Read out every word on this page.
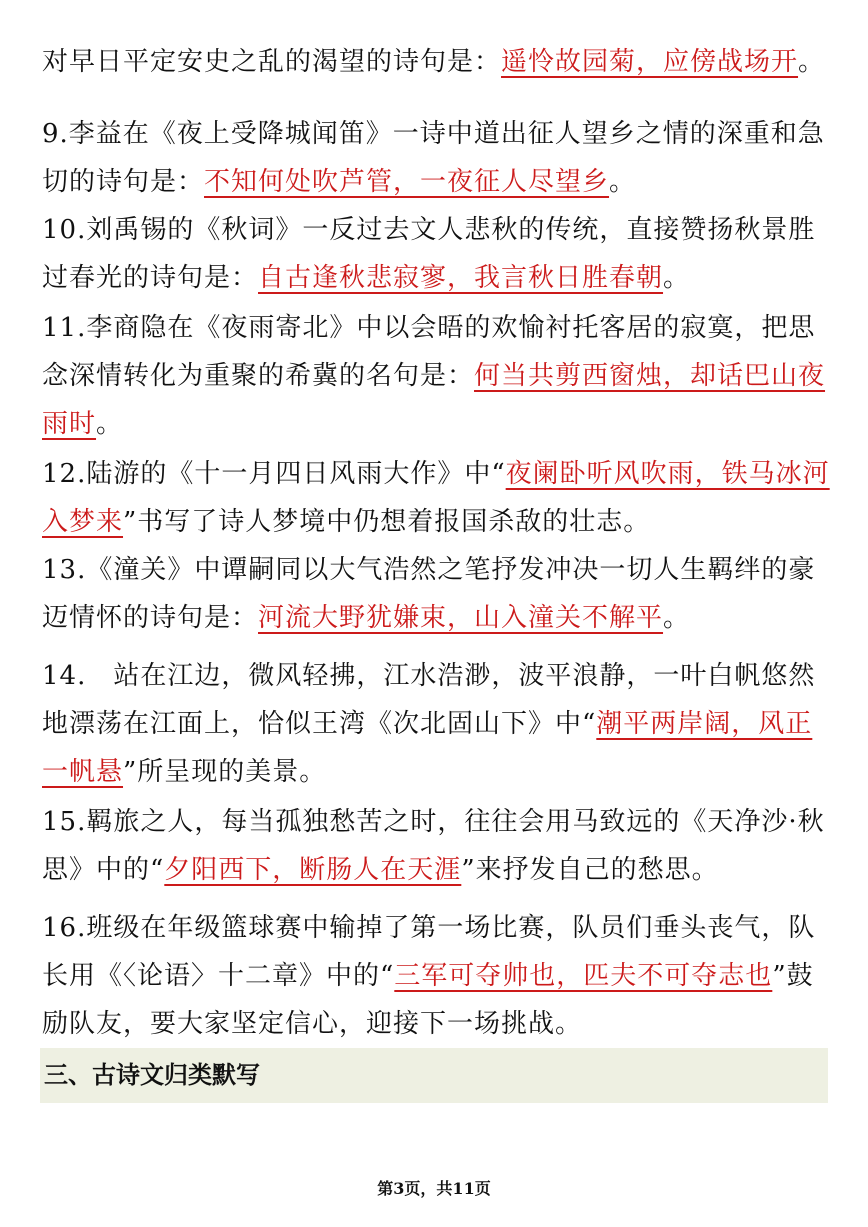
对早日平定安史之乱的渴望的诗句是：遥怜故园菊，应傍战场开。
9.李益在《夜上受降城闻笛》一诗中道出征人望乡之情的深重和急切的诗句是：不知何处吹芦管，一夜征人尽望乡。
10.刘禹锡的《秋词》一反过去文人悲秋的传统，直接赞扬秋景胜过春光的诗句是：自古逢秋悲寂寥，我言秋日胜春朝。
11.李商隐在《夜雨寄北》中以会晤的欢愉衬托客居的寂寞，把思念深情转化为重聚的希冀的名句是：何当共剪西窗烛，却话巴山夜雨时。
12.陆游的《十一月四日风雨大作》中“夜阑卧听风吹雨，铁马冰河入梦来”书写了诗人梦境中仍想着报国杀敌的壮志。
13.《潼关》中谭嗣同以大气浩然之笔抒发冲决一切人生羁绊的豪迈情怀的诗句是：河流大野犹嫌束，山入潼关不解平。
14.　站在江边，微风轻拂，江水浩渺，波平浪静，一叶白帆悠然地漂荡在江面上，恰似王湾《次北固山下》中“潮平两岸阔，风正一帆悬”所呈现的美景。
15.羁旅之人，每当孤独愁苦之时，往往会用马致远的《天净沙·秋思》中的“夕阳西下，断肠人在天涯”来抒发自己的愁思。
16.班级在年级篮球赛中输掉了第一场比赛，队员们垂头丧气，队长用《〈论语〉十二章》中的“三军可夺帅也，匹夫不可夺志也”鼓励队友，要大家坚定信心，迎接下一场挑战。
三、古诗文归类默写
第3页，共11页
